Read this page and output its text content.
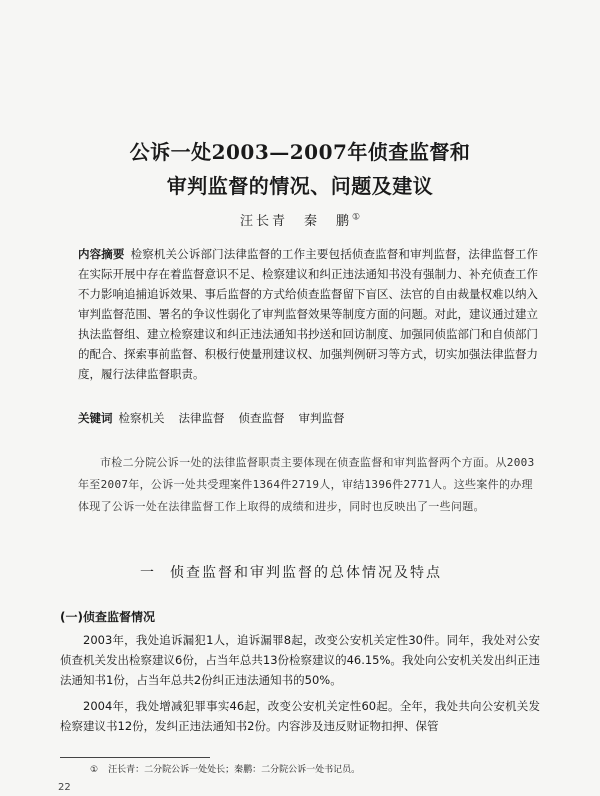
公诉一处2003—2007年侦查监督和
审判监督的情况、问题及建议
汪长青　秦　鹏①
内容摘要 检察机关公诉部门法律监督的工作主要包括侦查监督和审判监督，法律监督工作在实际开展中存在着监督意识不足、检察建议和纠正违法通知书没有强制力、补充侦查工作不力影响追捕追诉效果、事后监督的方式给侦查监督留下盲区、法官的自由裁量权难以纳入审判监督范围、署名的争议性弱化了审判监督效果等制度方面的问题。对此，建议通过建立执法监督组、建立检察建议和纠正违法通知书抄送和回访制度、加强同侦监部门和自侦部门的配合、探索事前监督、积极行使量刑建议权、加强判例研习等方式，切实加强法律监督力度，履行法律监督职责。
关键词 检察机关 法律监督 侦查监督 审判监督
市检二分院公诉一处的法律监督职责主要体现在侦查监督和审判监督两个方面。从2003年至2007年，公诉一处共受理案件1364件2719人，审结1396件2771人。这些案件的办理体现了公诉一处在法律监督工作上取得的成绩和进步，同时也反映出了一些问题。
一 侦查监督和审判监督的总体情况及特点
(一)侦查监督情况
2003年，我处追诉漏犯1人，追诉漏罪8起，改变公安机关定性30件。同年，我处对公安侦查机关发出检察建议6份，占当年总共13份检察建议的46.15%。我处向公安机关发出纠正违法通知书1份，占当年总共2份纠正违法通知书的50%。
2004年，我处增减犯罪事实46起，改变公安机关定性60起。全年，我处共向公安机关发检察建议书12份，发纠正违法通知书2份。内容涉及违反财证物扣押、保管
① 汪长青：二分院公诉一处处长；秦鹏：二分院公诉一处书记员。
22
